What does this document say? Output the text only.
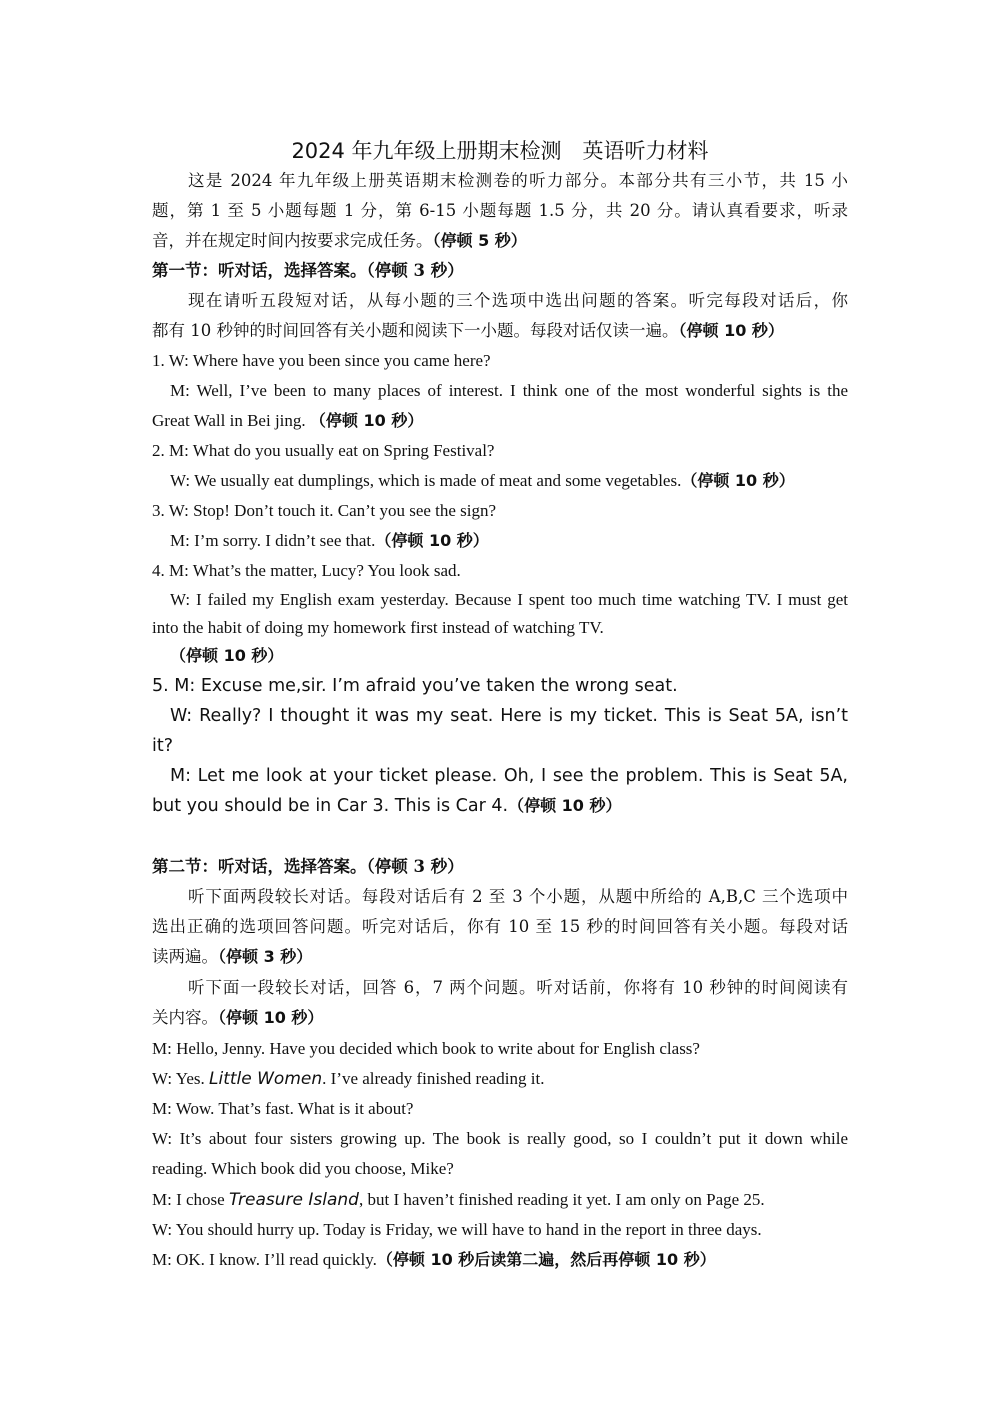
2024 年九年级上册期末检测　英语听力材料
这是 2024 年九年级上册英语期末检测卷的听力部分。本部分共有三小节，共 15 小
题，第 1 至 5 小题每题 1 分，第 6-15 小题每题 1.5 分，共 20 分。请认真看要求，听录
音，并在规定时间内按要求完成任务。（停顿 5 秒）
第一节：听对话，选择答案。（停顿 3 秒）
现在请听五段短对话，从每小题的三个选项中选出问题的答案。听完每段对话后，你
都有 10 秒钟的时间回答有关小题和阅读下一小题。每段对话仅读一遍。（停顿 10 秒）
1. W: Where have you been since you came here?
M: Well, I’ve been to many places of interest. I think one of the most wonderful sights is the
Great Wall in Bei jing. （停顿 10 秒）
2. M: What do you usually eat on Spring Festival?
W: We usually eat dumplings, which is made of meat and some vegetables.（停顿 10 秒）
3. W: Stop! Don’t touch it. Can’t you see the sign?
M: I’m sorry. I didn’t see that.（停顿 10 秒）
4. M: What’s the matter, Lucy? You look sad.
W: I failed my English exam yesterday. Because I spent too much time watching TV. I must get
into the habit of doing my homework first instead of watching TV.
（停顿 10 秒）
5. M: Excuse me,sir. I’m afraid you’ve taken the wrong seat.
W: Really? I thought it was my seat. Here is my ticket. This is Seat 5A, isn’t
it?
M: Let me look at your ticket please. Oh, I see the problem. This is Seat 5A,
but you should be in Car 3. This is Car 4.（停顿 10 秒）
第二节：听对话，选择答案。（停顿 3 秒）
听下面两段较长对话。每段对话后有 2 至 3 个小题，从题中所给的 A,B,C 三个选项中
选出正确的选项回答问题。听完对话后，你有 10 至 15 秒的时间回答有关小题。每段对话
读两遍。（停顿 3 秒）
听下面一段较长对话，回答 6，7 两个问题。听对话前，你将有 10 秒钟的时间阅读有
关内容。（停顿 10 秒）
M: Hello, Jenny. Have you decided which book to write about for English class?
W: Yes. Little Women. I’ve already finished reading it.
M: Wow. That’s fast. What is it about?
W: It’s about four sisters growing up. The book is really good, so I couldn’t put it down while
reading. Which book did you choose, Mike?
M: I chose Treasure Island, but I haven’t finished reading it yet. I am only on Page 25.
W: You should hurry up. Today is Friday, we will have to hand in the report in three days.
M: OK. I know. I’ll read quickly.（停顿 10 秒后读第二遍，然后再停顿 10 秒）
